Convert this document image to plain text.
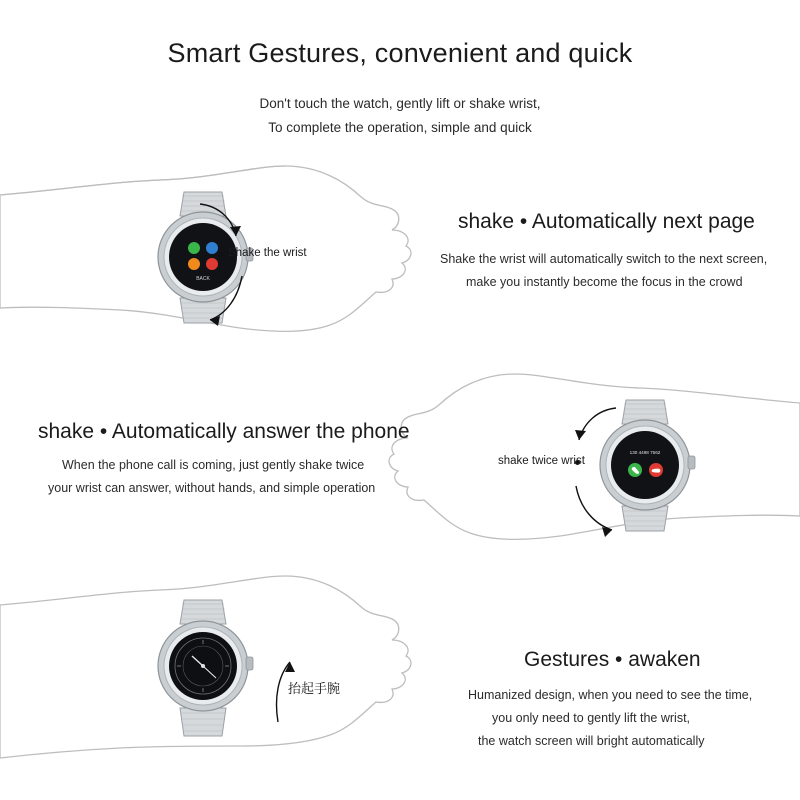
Smart Gestures, convenient and quick
Don't touch the watch, gently lift or shake wrist,
To complete the operation, simple and quick
BACK
Shake the wrist
shake • Automatically next page
Shake the wrist will automatically switch to the next screen,
make you instantly become the focus in the crowd
130 4498 7562
shake twice wrist
shake • Automatically answer the phone
When the phone call is coming, just gently shake twice
your wrist can answer, without hands, and simple operation
抬起手腕
Gestures • awaken
Humanized design, when you need to see the time,
you only need to gently lift the wrist,
the watch screen will bright automatically
